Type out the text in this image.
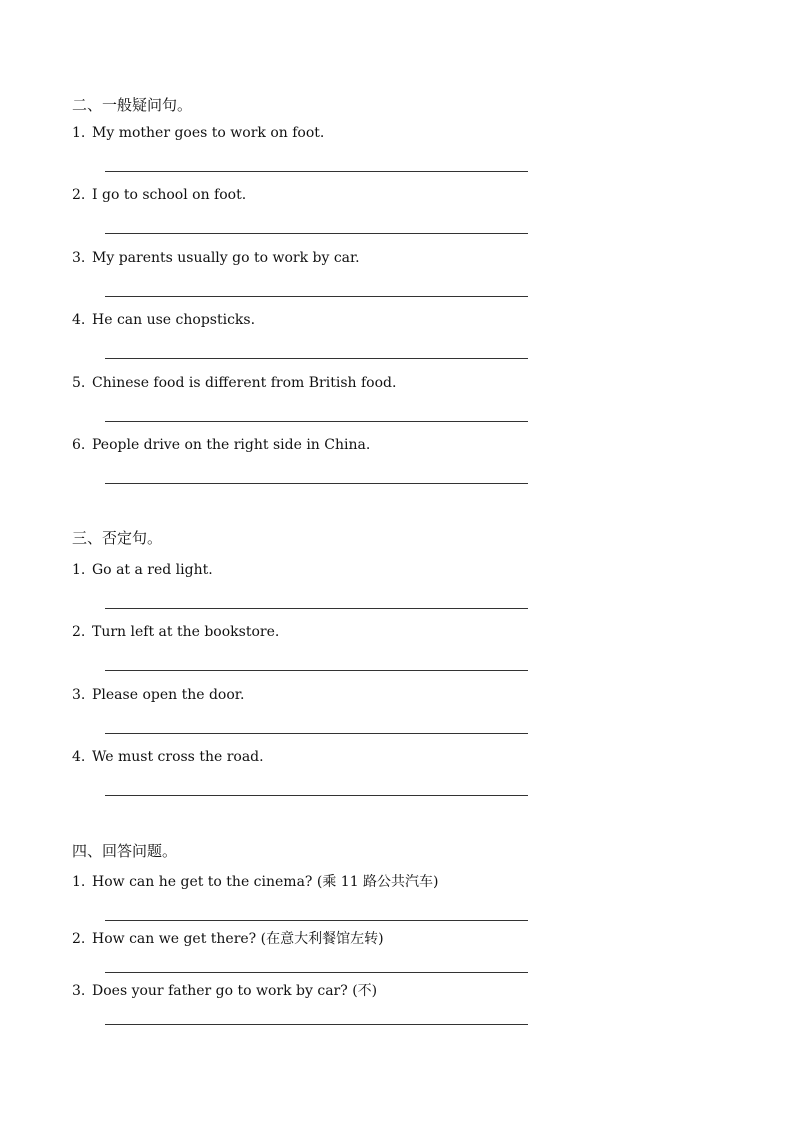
二、一般疑问句。
1. My mother goes to work on foot.
2. I go to school on foot.
3. My parents usually go to work by car.
4. He can use chopsticks.
5. Chinese food is different from British food.
6. People drive on the right side in China.
三、否定句。
1. Go at a red light.
2. Turn left at the bookstore.
3. Please open the door.
4. We must cross the road.
四、回答问题。
1. How can he get to the cinema? (乘 11 路公共汽车)
2. How can we get there? (在意大利餐馆左转)
3. Does your father go to work by car? (不)
